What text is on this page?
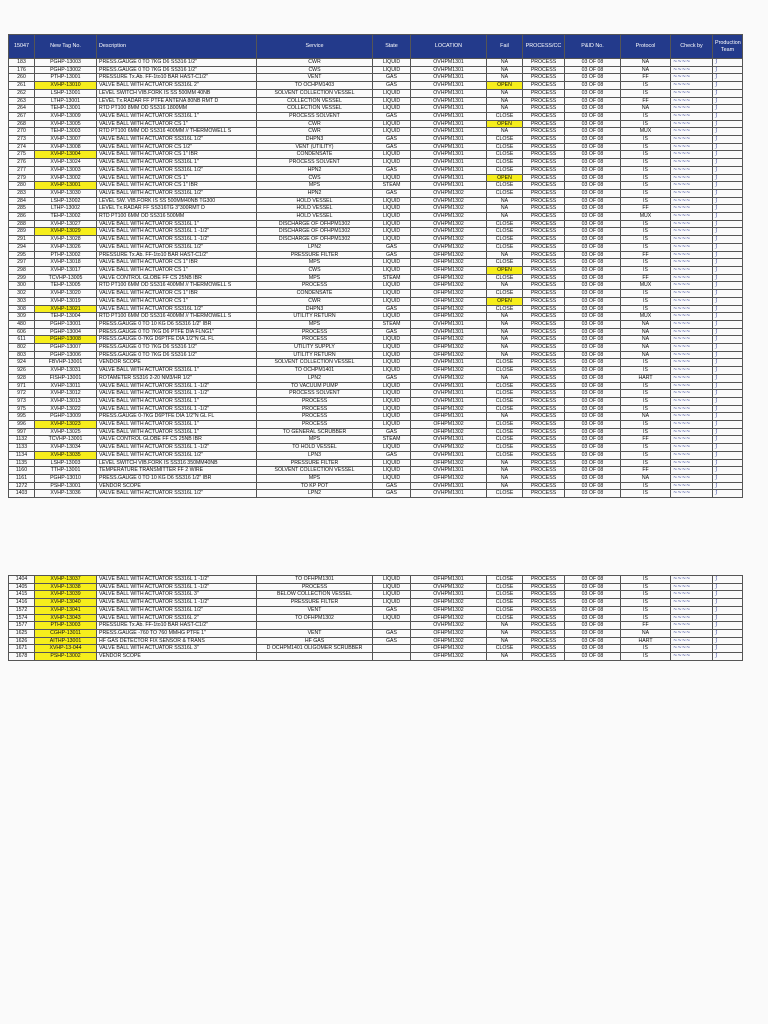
15047	New Tag No.	Description	Service	State	LOCATION	Fail	PROCESS/CC	P&ID No.	Protocol	Check by	Production Team
183	PGHP-13003	PRESS.GAUGE 0 TO 7KG D6 SS316 1/2"	CWR	LIQUID	OVHPM1301	NA	PROCESS	03 OF 08	NA	~~~~	⟆
176	PGHP-13002	PRESS.GAUGE 0 TO 7KG D6 SS316 1/2"	CWS	LIQUID	OVHPM1301	NA	PROCESS	03 OF 08	NA	~~~~	⟆
260	PTHP-13001	PRESSURE Tx.Ab. FF-1to10 BAR HAST-C1/2"	VENT	GAS	OVHPM1301	NA	PROCESS	03 OF 08	FF	~~~~	⟆
261	XVHP-13010	VALVE BALL WITH ACTUATOR SS316L 2"	TO OCHPM1403	GAS	OVHPM1301	OPEN	PROCESS	03 OF 08	IS	~~~~	⟆
262	LSHP-13001	LEVEL SWITCH VIB.FORK IS SS 500MM 40NB	SOLVENT COLLECTION VESSEL	LIQUID	OVHPM1301	NA	PROCESS	03 OF 08	IS	~~~~	⟆
263	LTHP-13001	LEVEL Tx.RADAR FF PTFE ANTENA 80NB RMT D	COLLECTION VESSEL	LIQUID	OVHPM1301	NA	PROCESS	03 OF 08	FF	~~~~	⟆
264	TEHP-13001	RTD PT100 8MM OD SS316 1800MM	COLLECTION VESSEL	LIQUID	OVHPM1301	NA	PROCESS	03 OF 08	NA	~~~~	⟆
267	XVHP-13009	VALVE BALL WITH ACTUATOR SS316L 1"	PROCESS SOLVENT	GAS	OVHPM1301	CLOSE	PROCESS	03 OF 08	IS	~~~~	⟆
268	XVHP-13005	VALVE BALL WITH ACTUATOR CS 1"	CWR	LIQUID	OVHPM1301	OPEN	PROCESS	03 OF 08	IS	~~~~	⟆
270	TEHP-13003	RTD PT100 6MM OD SS316 400MM // THERMOWELL S	CWR	LIQUID	OVHPM1301	NA	PROCESS	03 OF 08	MUX	~~~~	⟆
273	XVHP-13007	VALVE BALL WITH ACTUATOR SS316L 1/2"	DHPN3	GAS	OVHPM1301	CLOSE	PROCESS	03 OF 08	IS	~~~~	⟆
274	XVHP-13008	VALVE BALL WITH ACTUATOR CS 1/2"	VENT (UTILITY)	GAS	OVHPM1301	CLOSE	PROCESS	03 OF 08	IS	~~~~	⟆
275	XVHP-13004	VALVE BALL WITH ACTUATOR CS 1" IBR	CONDENSATE	LIQUID	OVHPM1301	CLOSE	PROCESS	03 OF 08	IS	~~~~	⟆
276	XVHP-13024	VALVE BALL WITH ACTUATOR SS316L 1"	PROCESS SOLVENT	LIQUID	OVHPM1301	CLOSE	PROCESS	03 OF 08	IS	~~~~	⟆
277	XVHP-13003	VALVE BALL WITH ACTUATOR SS316L 1/2"	HPN2	GAS	OVHPM1301	CLOSE	PROCESS	03 OF 08	IS	~~~~	⟆
279	XVHP-13002	VALVE BALL WITH ACTUATOR CS 1"	CWS	LIQUID	OVHPM1301	OPEN	PROCESS	03 OF 08	IS	~~~~	⟆
280	XVHP-13001	VALVE BALL WITH ACTUATOR CS 1" IBR	MPS	STEAM	OVHPM1301	CLOSE	PROCESS	03 OF 08	IS	~~~~	⟆
283	XVHP-13030	VALVE BALL WITH ACTUATOR SS316L 1/2"	HPN2	GAS	OVHPM1302	CLOSE	PROCESS	03 OF 08	IS	~~~~	⟆
284	LSHP-13002	LEVEL SW. VIB.FORK IS SS 500MM40NB TG300	HOLD VESSEL	LIQUID	OVHPM1302	NA	PROCESS	03 OF 08	IS	~~~~	⟆
285	LTHP-13002	LEVEL Tx.RADAR FF SS316TG 3"300RMT D	HOLD VESSEL	LIQUID	OVHPM1302	NA	PROCESS	03 OF 08	FF	~~~~	⟆
286	TEHP-13002	RTD PT100 6MM OD SS316 500MM	HOLD VESSEL	LIQUID	OVHPM1302	NA	PROCESS	03 OF 08	MUX	~~~~	⟆
288	XVHP-13027	VALVE BALL WITH ACTUATOR SS316L 1"	DISCHARGE OF OFHPM1302	LIQUID	OVHPM1302	CLOSE	PROCESS	03 OF 08	IS	~~~~	⟆
289	XVHP-13029	VALVE BALL WITH ACTUATOR SS316L 1 -1/2"	DISCHARGE OF OFHPM1302	LIQUID	OVHPM1302	CLOSE	PROCESS	03 OF 08	IS	~~~~	⟆
291	XVHP-13028	VALVE BALL WITH ACTUATOR SS316L 1 -1/2"	DISCHARGE OF OFHPM1302	LIQUID	OVHPM1302	CLOSE	PROCESS	03 OF 08	IS	~~~~	⟆
294	XVHP-13026	VALVE BALL WITH ACTUATOR SS316L 1/2"	LPN2	GAS	OVHPM1302	CLOSE	PROCESS	03 OF 08	IS	~~~~	⟆
295	PTHP-13002	PRESSURE Tx.Ab. FF-1to10 BAR HAST-C1/2"	PRESSURE FILTER	GAS	OFHPM1302	NA	PROCESS	03 OF 08	FF	~~~~	⟆
297	XVHP-13018	VALVE BALL WITH ACTUATOR CS 1" IBR	MPS	LIQUID	OFHPM1302	CLOSE	PROCESS	03 OF 08	IS	~~~~	⟆
298	XVHP-13017	VALVE BALL WITH ACTUATOR CS 1"	CWS	LIQUID	OFHPM1302	OPEN	PROCESS	03 OF 08	IS	~~~~	⟆
299	TCVHP-13005	VALVE CONTROL GLOBE FF CS 25NB IBR	MPS	STEAM	OFHPM1302	CLOSE	PROCESS	03 OF 08	FF	~~~~	⟆
300	TEHP-13005	RTD PT100 6MM OD SS316 400MM // THERMOWELL S	PROCESS	LIQUID	OFHPM1302	NA	PROCESS	03 OF 08	MUX	~~~~	⟆
302	XVHP-13020	VALVE BALL WITH ACTUATOR CS 1" IBR	CONDENSATE	LIQUID	OFHPM1302	CLOSE	PROCESS	03 OF 08	IS	~~~~	⟆
303	XVHP-13019	VALVE BALL WITH ACTUATOR CS 1"	CWR	LIQUID	OFHPM1302	OPEN	PROCESS	03 OF 08	IS	~~~~	⟆
308	XVHP-13021	VALVE BALL WITH ACTUATOR SS316L 1/2"	DHPN3	GAS	OFHPM1302	CLOSE	PROCESS	03 OF 08	IS	~~~~	⟆
309	TEHP-13004	RTD PT100 6MM OD SS316 400MM // THERMOWELL S	UTILITY RETURN	LIQUID	OFHPM1302	NA	PROCESS	03 OF 08	MUX	~~~~	⟆
480	PGHP-13001	PRESS.GAUGE 0 TO 10 KG D6 SS316 1/2" IBR	MPS	STEAM	OVHPM1301	NA	PROCESS	03 OF 08	NA	~~~~	⟆
606	PGHP-13004	PRESS.GAUGE 0 TO 7KG D6 PTFE DIA FLNG1"	PROCESS	GAS	OVHPM1301	NA	PROCESS	03 OF 08	NA	~~~~	⟆
611	PGHP-13008	PRESS.GAUGE 0-7KG D6PTFE DIA 1/2"N GL FL	PROCESS	LIQUID	OFHPM1302	NA	PROCESS	03 OF 08	NA	~~~~	⟆
802	PGHP-13007	PRESS.GAUGE 0 TO 7KG D6 SS316 1/2"	UTILITY SUPPLY	LIQUID	OFHPM1302	NA	PROCESS	03 OF 08	NA	~~~~	⟆
803	PGHP-13006	PRESS.GAUGE 0 TO 7KG D6 SS316 1/2"	UTILITY RETURN	LIQUID	OFHPM1302	NA	PROCESS	03 OF 08	NA	~~~~	⟆
924	FBVHP-13001	VENDOR SCOPE	SOLVENT COLLECTION VESSEL	LIQUID	OVHPM1301	CLOSE	PROCESS	03 OF 08	IS	~~~~	⟆
926	XVHP-13031	VALVE BALL WITH ACTUATOR SS316L 1"	TO OCHPM1401	LIQUID	OFHPM1302	CLOSE	PROCESS	03 OF 08	IS	~~~~	⟆
928	FISHP-13001	ROTAMETER SS316 2-20 NM3/HR 1/2"	LPN2	GAS	OVHPM1302	NA	PROCESS	03 OF 08	HART	~~~~	⟆
971	XVHP-13011	VALVE BALL WITH ACTUATOR SS316L 1 -1/2"	TO VACUUM PUMP	LIQUID	OVHPM1301	CLOSE	PROCESS	03 OF 08	IS	~~~~	⟆
972	XVHP-13012	VALVE BALL WITH ACTUATOR SS316L 1 -1/2"	PROCESS SOLVENT	LIQUID	OVHPM1301	CLOSE	PROCESS	03 OF 08	IS	~~~~	⟆
973	XVHP-13013	VALVE BALL WITH ACTUATOR SS316L 1"	PROCESS	LIQUID	OVHPM1301	CLOSE	PROCESS	03 OF 08	IS	~~~~	⟆
975	XVHP-13022	VALVE BALL WITH ACTUATOR SS316L 1 -1/2"	PROCESS	LIQUID	OFHPM1302	CLOSE	PROCESS	03 OF 08	IS	~~~~	⟆
995	PGHP-13009	PRESS.GAUGE 0-7KG D6PTFE DIA 1/2"N GL FL	PROCESS	LIQUID	OFHPM1301	NA	PROCESS	03 OF 08	NA	~~~~	⟆
996	XVHP-13023	VALVE BALL WITH ACTUATOR SS316L 1"	PROCESS	LIQUID	OFHPM1302	CLOSE	PROCESS	03 OF 08	IS	~~~~	⟆
997	XVHP-13025	VALVE BALL WITH ACTUATOR SS316L 1"	TO GENERAL SCRUBBER	GAS	OFHPM1302	CLOSE	PROCESS	03 OF 08	IS	~~~~	⟆
1132	TCVHP-13001	VALVE CONTROL GLOBE FF CS 25NB IBR	MPS	STEAM	OVHPM1301	CLOSE	PROCESS	03 OF 08	FF	~~~~	⟆
1133	XVHP-13034	VALVE BALL WITH ACTUATOR SS316L 1 -1/2"	TO HOLD VESSEL	LIQUID	OVHPM1302	CLOSE	PROCESS	03 OF 08	IS	~~~~	⟆
1134	XVHP-13035	VALVE BALL WITH ACTUATOR SS316L 1/2"	LPN3	GAS	OVHPM1301	CLOSE	PROCESS	03 OF 08	IS	~~~~	⟆
1135	LSHP-13003	LEVEL SWITCH VIB.FORK IS SS316 350MM40NB	PRESSURE FILTER	LIQUID	OFHPM1302	NA	PROCESS	03 OF 08	IS	~~~~	⟆
1160	TTHP-13001	TEMPERATURE TRANSMITTER FF 2 WIRE	SOLVENT COLLECTION VESSEL	LIQUID	OVHPM1301	NA	PROCESS	03 OF 08	FF	~~~~	⟆
1161	PGHP-13010	PRESS.GAUGE 0 TO 10 KG D6 SS316 1/2" IBR	MPS	LIQUID	OFHPM1302	NA	PROCESS	03 OF 08	NA	~~~~	⟆
1272	PSHP-13001	VENDOR SCOPE	TO KP POT	GAS	OVHPM1301	NA	PROCESS	03 OF 08	IS	~~~~	⟆
1403	XVHP-13036	VALVE BALL WITH ACTUATOR SS316L 1/2"	LPN2	GAS	OVHPM1301	CLOSE	PROCESS	03 OF 08	IS	~~~~	⟆
1404	XVHP-13037	VALVE BALL WITH ACTUATOR SS316L 1 -1/2"	TO OFHPM1301	LIQUID	OFHPM1301	CLOSE	PROCESS	03 OF 08	IS	~~~~	⟆
1405	XVHP-13038	VALVE BALL WITH ACTUATOR SS316L 1 -1/2"	PROCESS	LIQUID	OVHPM1302	CLOSE	PROCESS	03 OF 08	IS	~~~~	⟆
1415	XVHP-13039	VALVE BALL WITH ACTUATOR SS316L 3"	BELOW COLLECTION VESSEL	LIQUID	OVHPM1301	CLOSE	PROCESS	03 OF 08	IS	~~~~	⟆
1416	XVHP-13040	VALVE BALL WITH ACTUATOR SS316L 1 -1/2"	PRESSURE FILTER	LIQUID	OFHPM1302	CLOSE	PROCESS	03 OF 08	IS	~~~~	⟆
1572	XVHP-13041	VALVE BALL WITH ACTUATOR SS316L 1/2"	VENT	GAS	OFHPM1302	CLOSE	PROCESS	03 OF 08	IS	~~~~	⟆
1574	XVHP-13043	VALVE BALL WITH ACTUATOR SS316L 2"	TO OFHPM1302	LIQUID	OFHPM1302	CLOSE	PROCESS	03 OF 08	IS	~~~~	⟆
1577	PTHP-13003	PRESSURE Tx.Ab. FF-1to10 BAR HAST-C1/2"			OVHPM1302	NA	PROCESS	03 OF 08	FF	~~~~	⟆
1625	CGHP-13011	PRESS.GAUGE -760 TO 760 MMHG PTFE 1"	VENT	GAS	OFHPM1302	NA	PROCESS	03 OF 08	NA	~~~~	⟆
1626	AITHP-13001	HF GAS DETECTOR FIX SENSOR & TRANS	HF GAS	GAS	OFHPM1302	NA	PROCESS	03 OF 08	HART	~~~~	⟆
1671	XVHP-13-044	VALVE BALL WITH ACTUATOR SS316L 3"	D OCHPM1401 OLIGOMER SCRUBBER		OFHPM1302	CLOSE	PROCESS	03 OF 08	IS	~~~~	⟆
1678	PSHP-13002	VENDOR SCOPE			OFHPM1302	NA	PROCESS	03 OF 08	IS	~~~~	⟆
